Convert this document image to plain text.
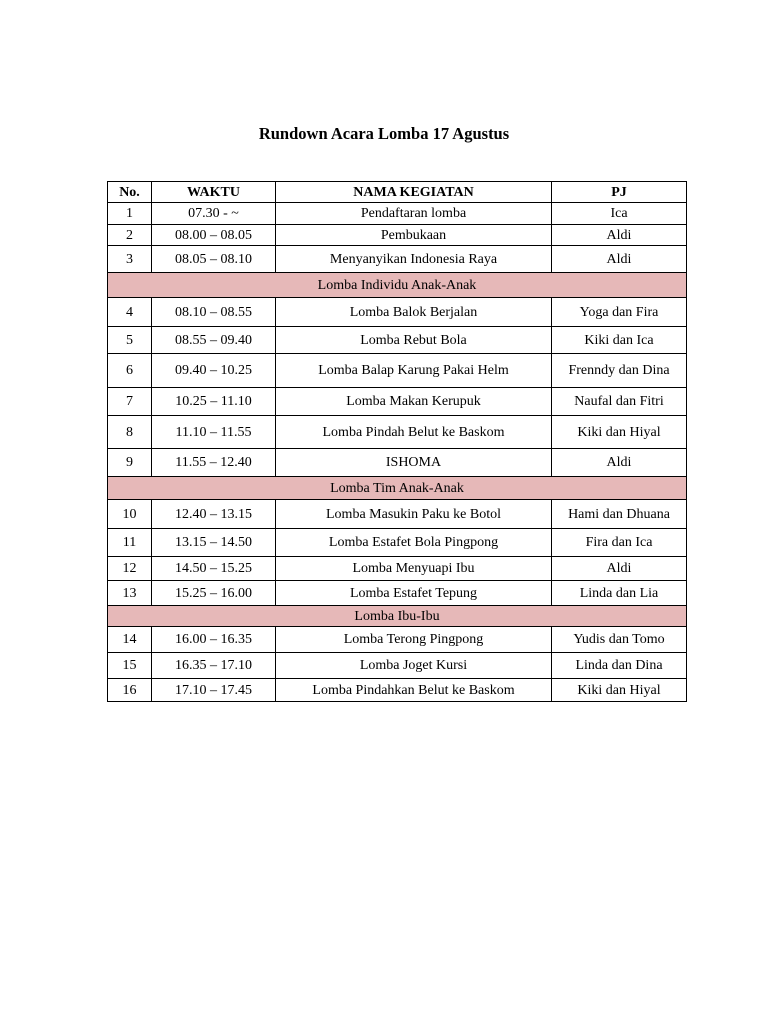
Rundown Acara Lomba 17 Agustus
No.	WAKTU	NAMA KEGIATAN	PJ
1	07.30 - ~	Pendaftaran lomba	Ica
2	08.00 – 08.05	Pembukaan	Aldi
3	08.05 – 08.10	Menyanyikan Indonesia Raya	Aldi
Lomba Individu Anak-Anak			
4	08.10 – 08.55	Lomba Balok Berjalan	Yoga dan Fira
5	08.55 – 09.40	Lomba Rebut Bola	Kiki dan Ica
6	09.40 – 10.25	Lomba Balap Karung Pakai Helm	Frenndy dan Dina
7	10.25 – 11.10	Lomba Makan Kerupuk	Naufal dan Fitri
8	11.10 – 11.55	Lomba Pindah Belut ke Baskom	Kiki dan Hiyal
9	11.55 – 12.40	ISHOMA	Aldi
Lomba Tim Anak-Anak			
10	12.40 – 13.15	Lomba Masukin Paku ke Botol	Hami dan Dhuana
11	13.15 – 14.50	Lomba Estafet Bola Pingpong	Fira dan Ica
12	14.50 – 15.25	Lomba Menyuapi Ibu	Aldi
13	15.25 – 16.00	Lomba Estafet Tepung	Linda dan Lia
Lomba Ibu-Ibu			
14	16.00 – 16.35	Lomba Terong Pingpong	Yudis dan Tomo
15	16.35 – 17.10	Lomba Joget Kursi	Linda dan Dina
16	17.10 – 17.45	Lomba Pindahkan Belut ke Baskom	Kiki dan Hiyal
